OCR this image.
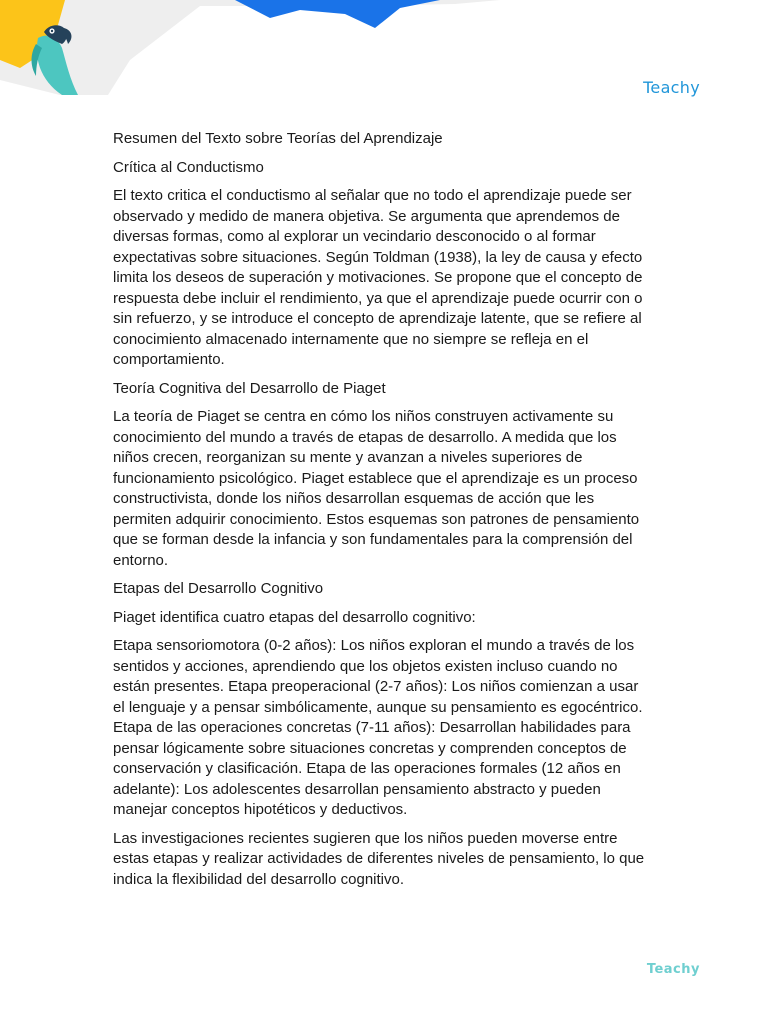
Teachy

Resumen del Texto sobre Teorías del Aprendizaje

Crítica al Conductismo

El texto critica el conductismo al señalar que no todo el aprendizaje puede ser observado y medido de manera objetiva. Se argumenta que aprendemos de diversas formas, como al explorar un vecindario desconocido o al formar expectativas sobre situaciones. Según Toldman (1938), la ley de causa y efecto limita los deseos de superación y motivaciones. Se propone que el concepto de respuesta debe incluir el rendimiento, ya que el aprendizaje puede ocurrir con o sin refuerzo, y se introduce el concepto de aprendizaje latente, que se refiere al conocimiento almacenado internamente que no siempre se refleja en el comportamiento.

Teoría Cognitiva del Desarrollo de Piaget

La teoría de Piaget se centra en cómo los niños construyen activamente su conocimiento del mundo a través de etapas de desarrollo. A medida que los niños crecen, reorganizan su mente y avanzan a niveles superiores de funcionamiento psicológico. Piaget establece que el aprendizaje es un proceso constructivista, donde los niños desarrollan esquemas de acción que les permiten adquirir conocimiento. Estos esquemas son patrones de pensamiento que se forman desde la infancia y son fundamentales para la comprensión del entorno.

Etapas del Desarrollo Cognitivo

Piaget identifica cuatro etapas del desarrollo cognitivo:

Etapa sensoriomotora (0-2 años): Los niños exploran el mundo a través de los sentidos y acciones, aprendiendo que los objetos existen incluso cuando no están presentes. Etapa preoperacional (2-7 años): Los niños comienzan a usar el lenguaje y a pensar simbólicamente, aunque su pensamiento es egocéntrico. Etapa de las operaciones concretas (7-11 años): Desarrollan habilidades para pensar lógicamente sobre situaciones concretas y comprenden conceptos de conservación y clasificación. Etapa de las operaciones formales (12 años en adelante): Los adolescentes desarrollan pensamiento abstracto y pueden manejar conceptos hipotéticos y deductivos.

Las investigaciones recientes sugieren que los niños pueden moverse entre estas etapas y realizar actividades de diferentes niveles de pensamiento, lo que indica la flexibilidad del desarrollo cognitivo.

Teachy
